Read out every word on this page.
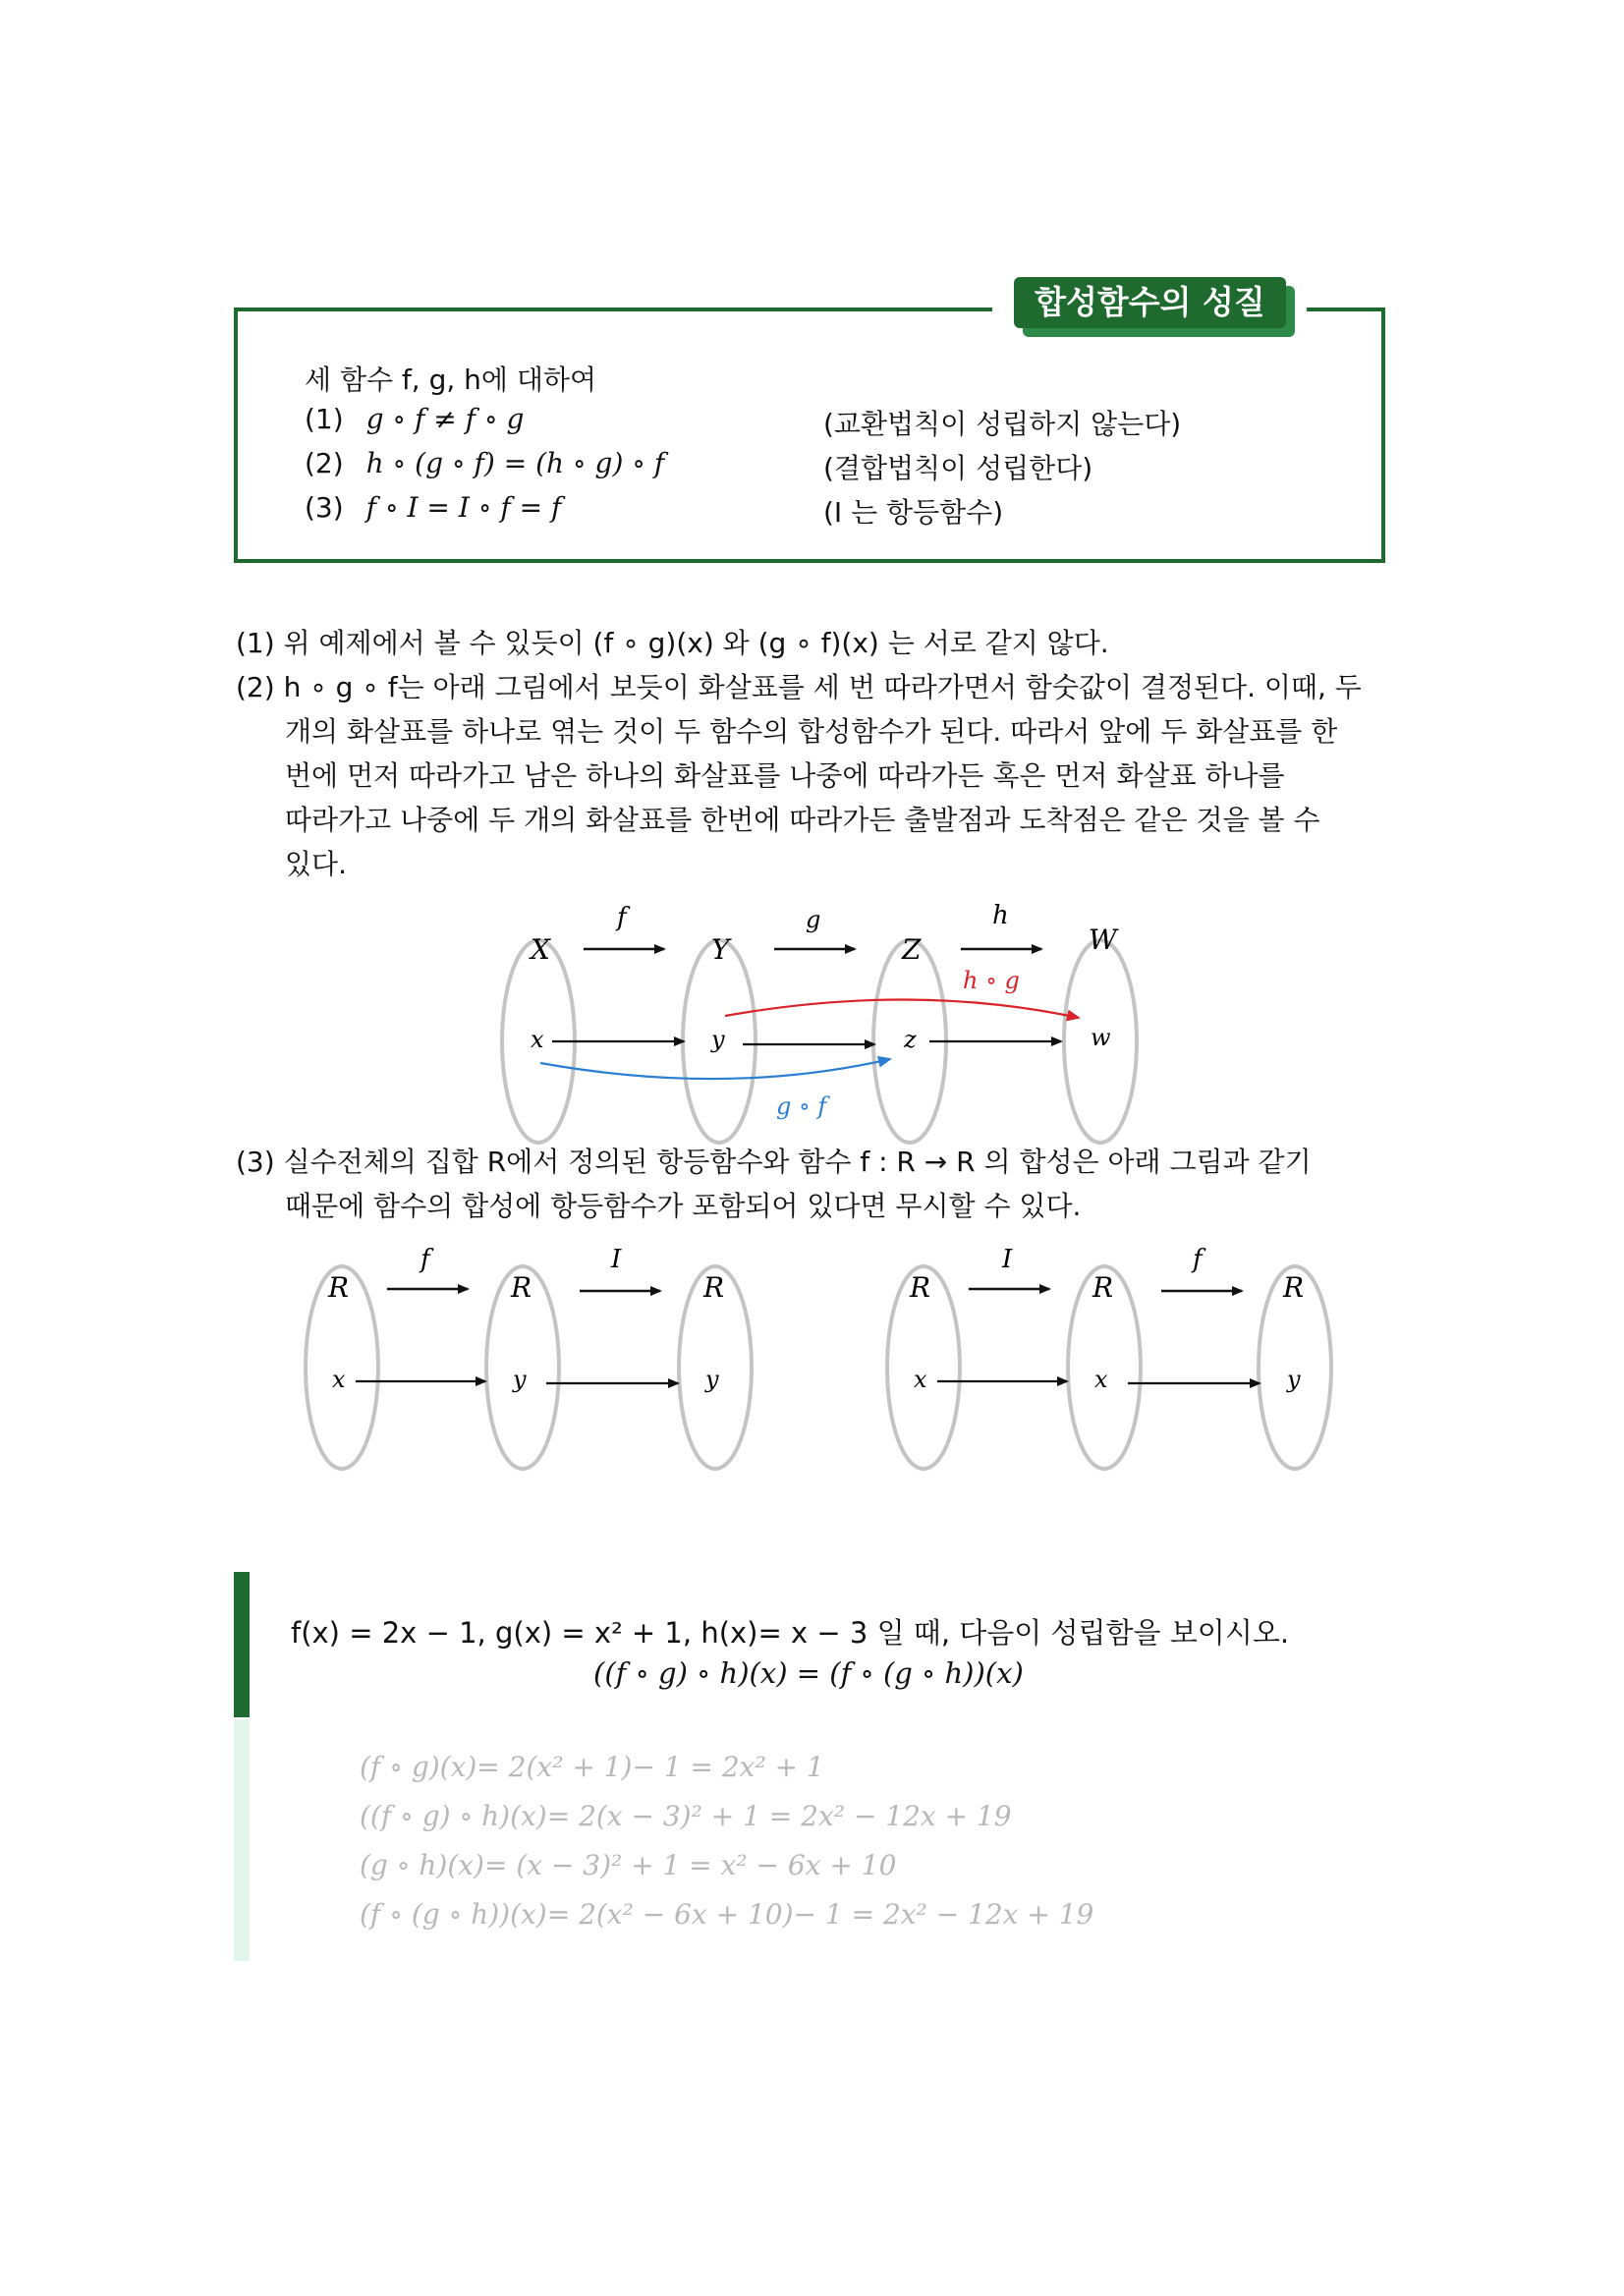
합성함수의 성질
세 함수 f, g, h에 대하여
(1) g ∘ f ≠ f ∘ g	(교환법칙이 성립하지 않는다)
(2) h ∘ (g ∘ f) = (h ∘ g) ∘ f	(결합법칙이 성립한다)
(3) f ∘ I = I ∘ f = f	(I 는 항등함수)
(1) 위 예제에서 볼 수 있듯이 (f ∘ g)(x) 와 (g ∘ f)(x) 는 서로 같지 않다.
(2) h ∘ g ∘ f는 아래 그림에서 보듯이 화살표를 세 번 따라가면서 함숫값이 결정된다. 이때, 두
개의 화살표를 하나로 엮는 것이 두 함수의 합성함수가 된다. 따라서 앞에 두 화살표를 한
번에 먼저 따라가고 남은 하나의 화살표를 나중에 따라가든 혹은 먼저 화살표 하나를
따라가고 나중에 두 개의 화살표를 한번에 따라가든 출발점과 도착점은 같은 것을 볼 수
있다.
X	Y	Z	W
f	g	h
x	y	z	w
h ∘ g
g ∘ f
R	R	R
f	I
x	y	y
R	R	R
I	f
x	x	y
(3) 실수전체의 집합 R에서 정의된 항등함수와 함수 f : R → R 의 합성은 아래 그림과 같기
때문에 함수의 합성에 항등함수가 포함되어 있다면 무시할 수 있다.
f(x) = 2x − 1, g(x) = x² + 1, h(x)= x − 3 일 때, 다음이 성립함을 보이시오.
((f ∘ g) ∘ h)(x) = (f ∘ (g ∘ h))(x)
(f ∘ g)(x)= 2(x² + 1)− 1 = 2x² + 1
((f ∘ g) ∘ h)(x)= 2(x − 3)² + 1 = 2x² − 12x + 19
(g ∘ h)(x)= (x − 3)² + 1 = x² − 6x + 10
(f ∘ (g ∘ h))(x)= 2(x² − 6x + 10)− 1 = 2x² − 12x + 19
